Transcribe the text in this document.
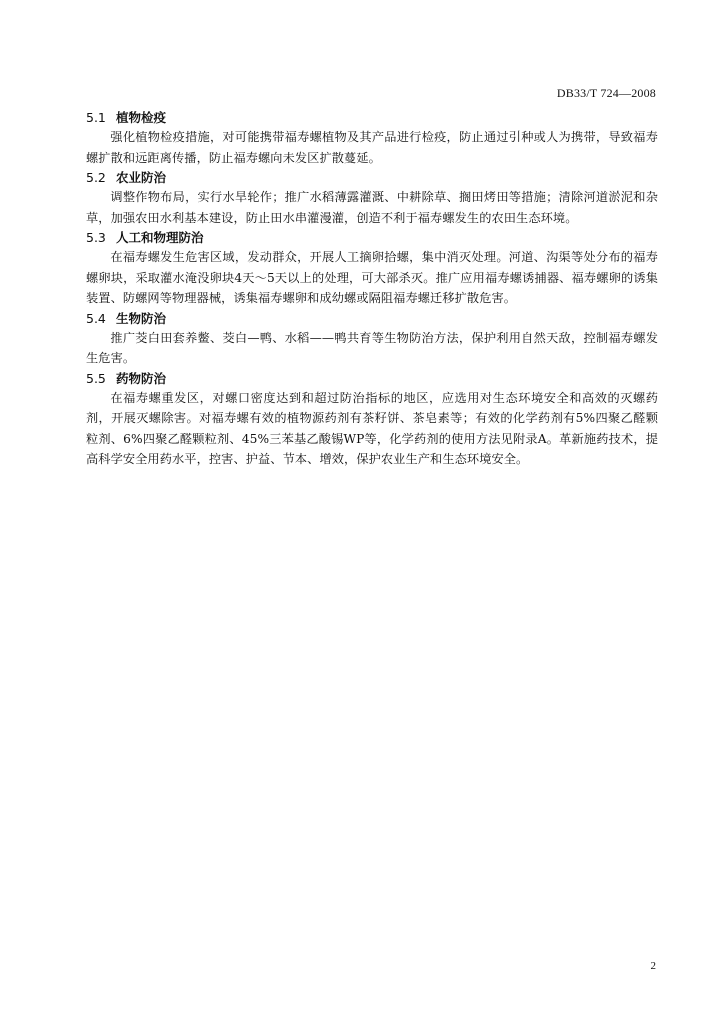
DB33/T 724—2008
5.1 植物检疫

强化植物检疫措施，对可能携带福寿螺植物及其产品进行检疫，防止通过引种或人为携带，导致福寿螺扩散和远距离传播，防止福寿螺向未发区扩散蔓延。

5.2 农业防治

调整作物布局，实行水旱轮作；推广水稻薄露灌溉、中耕除草、搁田烤田等措施；清除河道淤泥和杂草，加强农田水利基本建设，防止田水串灌漫灌，创造不利于福寿螺发生的农田生态环境。

5.3 人工和物理防治

在福寿螺发生危害区域，发动群众，开展人工摘卵拾螺，集中消灭处理。河道、沟渠等处分布的福寿螺卵块，采取灌水淹没卵块4天～5天以上的处理，可大部杀灭。推广应用福寿螺诱捕器、福寿螺卵的诱集装置、防螺网等物理器械，诱集福寿螺卵和成幼螺或隔阻福寿螺迁移扩散危害。

5.4 生物防治

推广茭白田套养鳖、茭白—鸭、水稻——鸭共育等生物防治方法，保护利用自然天敌，控制福寿螺发生危害。

5.5 药物防治

在福寿螺重发区，对螺口密度达到和超过防治指标的地区，应选用对生态环境安全和高效的灭螺药剂，开展灭螺除害。对福寿螺有效的植物源药剂有茶籽饼、茶皂素等；有效的化学药剂有5%四聚乙醛颗粒剂、6%四聚乙醛颗粒剂、45%三苯基乙酸锡WP等，化学药剂的使用方法见附录A。革新施药技术，提高科学安全用药水平，控害、护益、节本、增效，保护农业生产和生态环境安全。

2
